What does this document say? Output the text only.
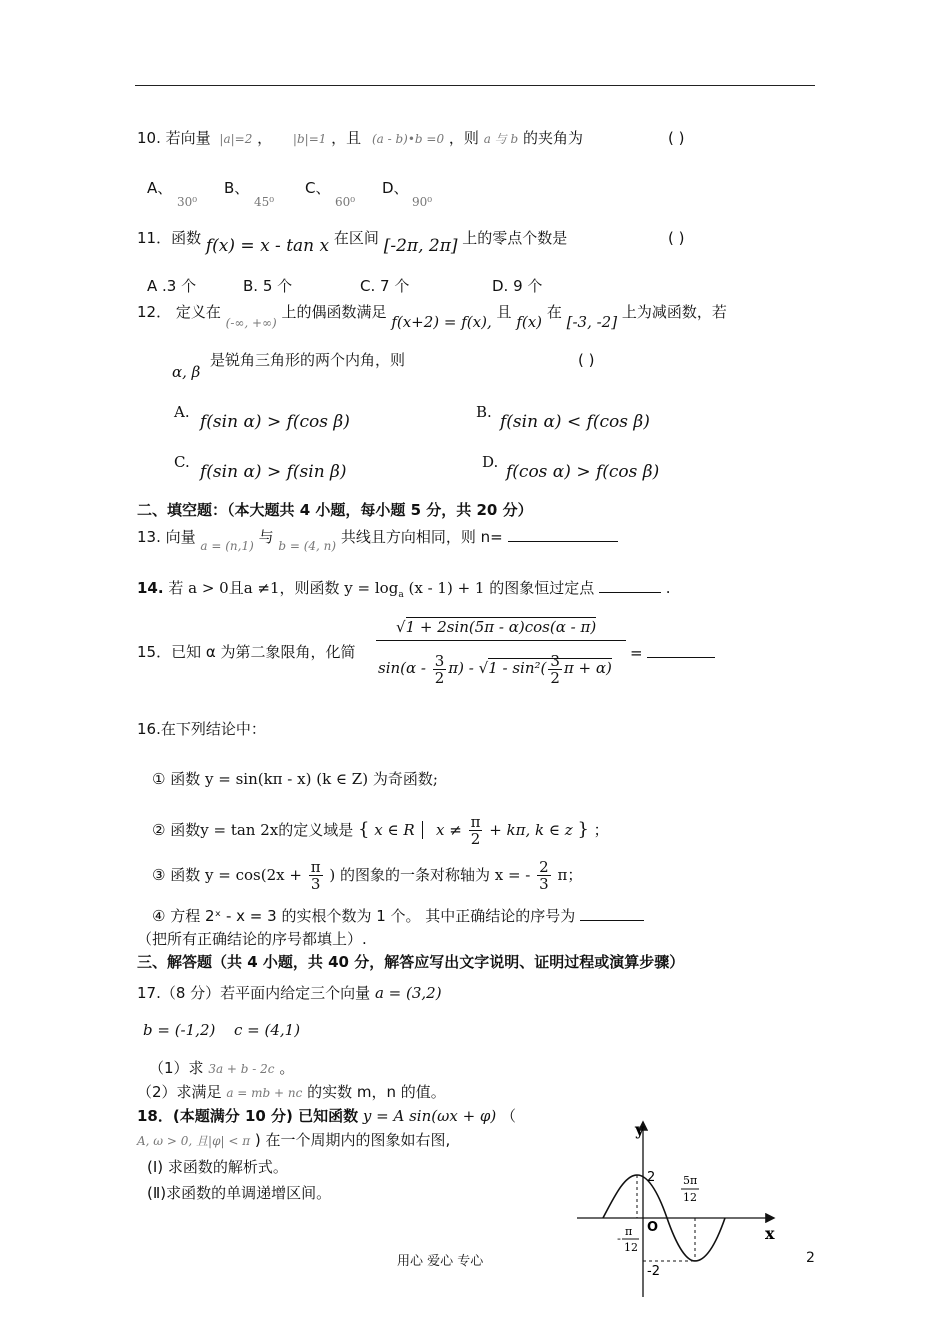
10. 若向量 |a|=2 ， |b|=1 ，且 (a - b)•b =0 ，则 a 与 b 的夹角为	( )
A、
30⁰
B、
45⁰
C、
60⁰
D、
90⁰
11．函数 f(x) = x - tan x 在区间 [-2π, 2π] 上的零点个数是	( )
A .3 个	B. 5 个	C. 7 个	D. 9 个
12． 定义在 $_{(-\infty, +\infty)}$ 上的偶函数满足 f(x+2) = f(x), 且 f(x) 在 [-3, -2] 上为减函数，若
α, β
是锐角三角形的两个内角，则	( )
A. f(sin α) > f(cos β)	B. f(sin α) < f(cos β)
C. f(sin α) > f(sin β)	D. f(cos α) > f(cos β)
二、填空题：（本大题共 4 小题，每小题 5 分，共 20 分）
13. 向量 $_{a = (n,1)}$ 与 $_{b = (4, n)}$ 共线且方向相同，则 n=
14. 若 a > 0且a ≠1，则函数 $y = \log_a (x - 1) + 1$ 的图象恒过定点	.
15．已知 α 为第二象限角，化简
√1 + 2sin(5π - α)cos(α - π)
$\sin(\alpha - \frac{3}{2} \pi) - √1 - \sin^2( \frac{3}{2}$ π + α)
=
16.在下列结论中：
① 函数 y = sin(kπ - x) (k ∈ Z) 为奇函数;
② 函数y = tan 2x的定义域是 { x ∈ R $x \ne \frac{\pi}{2} + k\pi$, k ∈ z } ；
③ 函数 $y = \cos(2x + \frac{\pi}{3}$ ) 的图象的一条对称轴为 x = - $\frac{2}{3}$ π；
④ 方程 2ˣ - x = 3 的实根个数为 1 个。 其中正确结论的序号为
（把所有正确结论的序号都填上）.
三、解答题（共 4 小题，共 40 分，解答应写出文字说明、证明过程或演算步骤）
17.（8 分）若平面内给定三个向量 a = (3,2)
b = (-1,2) c = (4,1)
（1）求 3a + b - 2c 。
（2）求满足 a = mb + nc 的实数 m，n 的值。
18．(本题满分 10 分) 已知函数 y = A sin(ωx + φ) （
A, ω > 0, 且|φ| < π ) 在一个周期内的图象如右图,
(Ⅰ) 求函数的解析式。
(Ⅱ)求函数的单调递增区间。
y
x
O
2
-2
-
π
12
5π
12
用心 爱心 专心	2
